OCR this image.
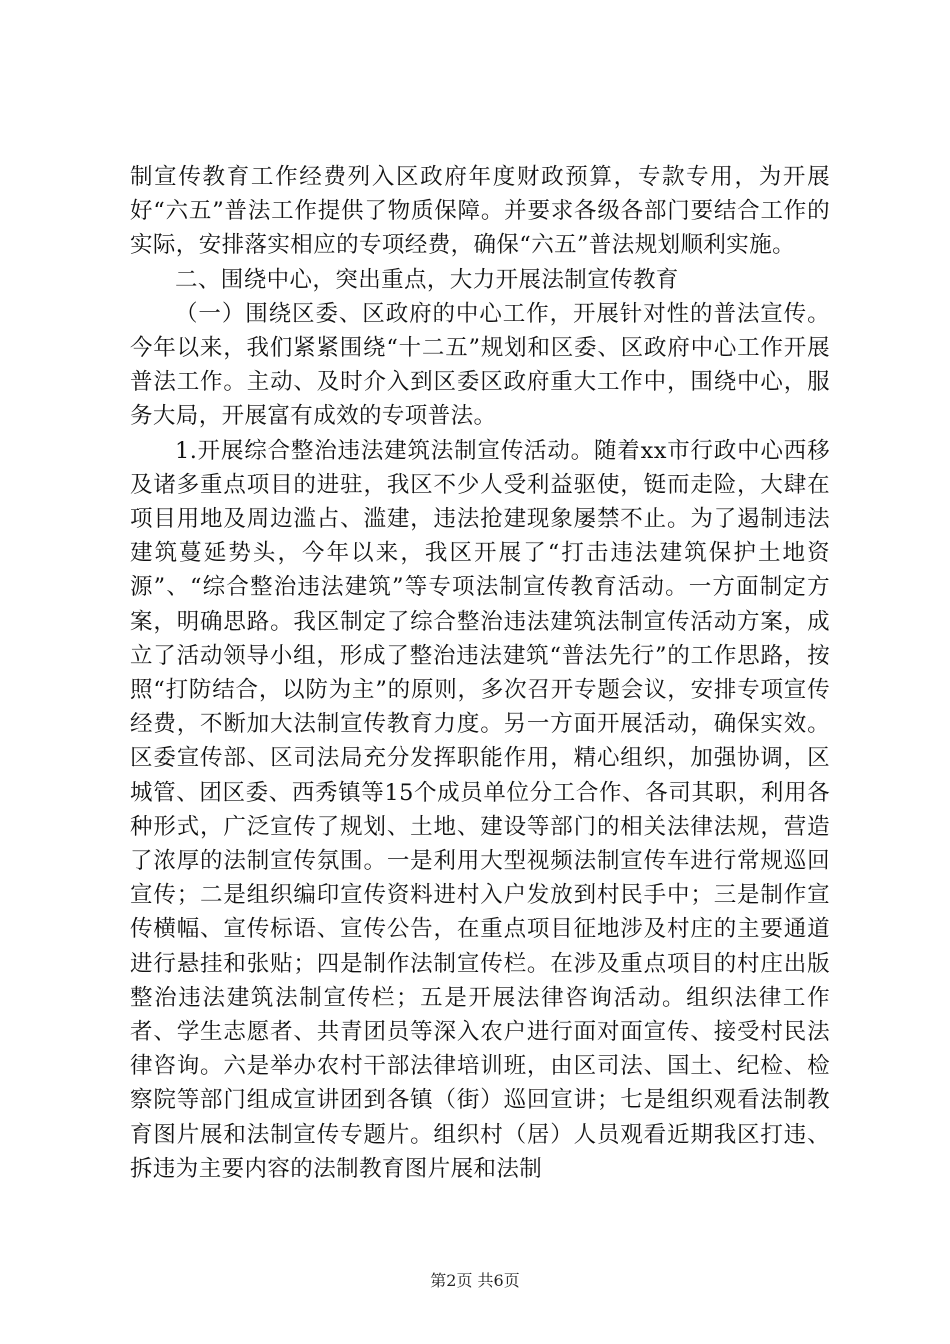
制宣传教育工作经费列入区政府年度财政预算，专款专用，为开展好“六五”普法工作提供了物质保障。并要求各级各部门要结合工作的实际，安排落实相应的专项经费，确保“六五”普法规划顺利实施。

二、围绕中心，突出重点，大力开展法制宣传教育

（一）围绕区委、区政府的中心工作，开展针对性的普法宣传。今年以来，我们紧紧围绕“十二五”规划和区委、区政府中心工作开展普法工作。主动、及时介入到区委区政府重大工作中，围绕中心，服务大局，开展富有成效的专项普法。

1.开展综合整治违法建筑法制宣传活动。随着xx市行政中心西移及诸多重点项目的进驻，我区不少人受利益驱使，铤而走险，大肆在项目用地及周边滥占、滥建，违法抢建现象屡禁不止。为了遏制违法建筑蔓延势头，今年以来，我区开展了“打击违法建筑保护土地资源”、“综合整治违法建筑”等专项法制宣传教育活动。一方面制定方案，明确思路。我区制定了综合整治违法建筑法制宣传活动方案，成立了活动领导小组，形成了整治违法建筑“普法先行”的工作思路，按照“打防结合，以防为主”的原则，多次召开专题会议，安排专项宣传经费，不断加大法制宣传教育力度。另一方面开展活动，确保实效。区委宣传部、区司法局充分发挥职能作用，精心组织，加强协调，区城管、团区委、西秀镇等15个成员单位分工合作、各司其职，利用各种形式，广泛宣传了规划、土地、建设等部门的相关法律法规，营造了浓厚的法制宣传氛围。一是利用大型视频法制宣传车进行常规巡回宣传；二是组织编印宣传资料进村入户发放到村民手中；三是制作宣传横幅、宣传标语、宣传公告，在重点项目征地涉及村庄的主要通道进行悬挂和张贴；四是制作法制宣传栏。在涉及重点项目的村庄出版整治违法建筑法制宣传栏；五是开展法律咨询活动。组织法律工作者、学生志愿者、共青团员等深入农户进行面对面宣传、接受村民法律咨询。六是举办农村干部法律培训班，由区司法、国土、纪检、检察院等部门组成宣讲团到各镇（街）巡回宣讲；七是组织观看法制教育图片展和法制宣传专题片。组织村（居）人员观看近期我区打违、拆违为主要内容的法制教育图片展和法制

第2页 共6页
